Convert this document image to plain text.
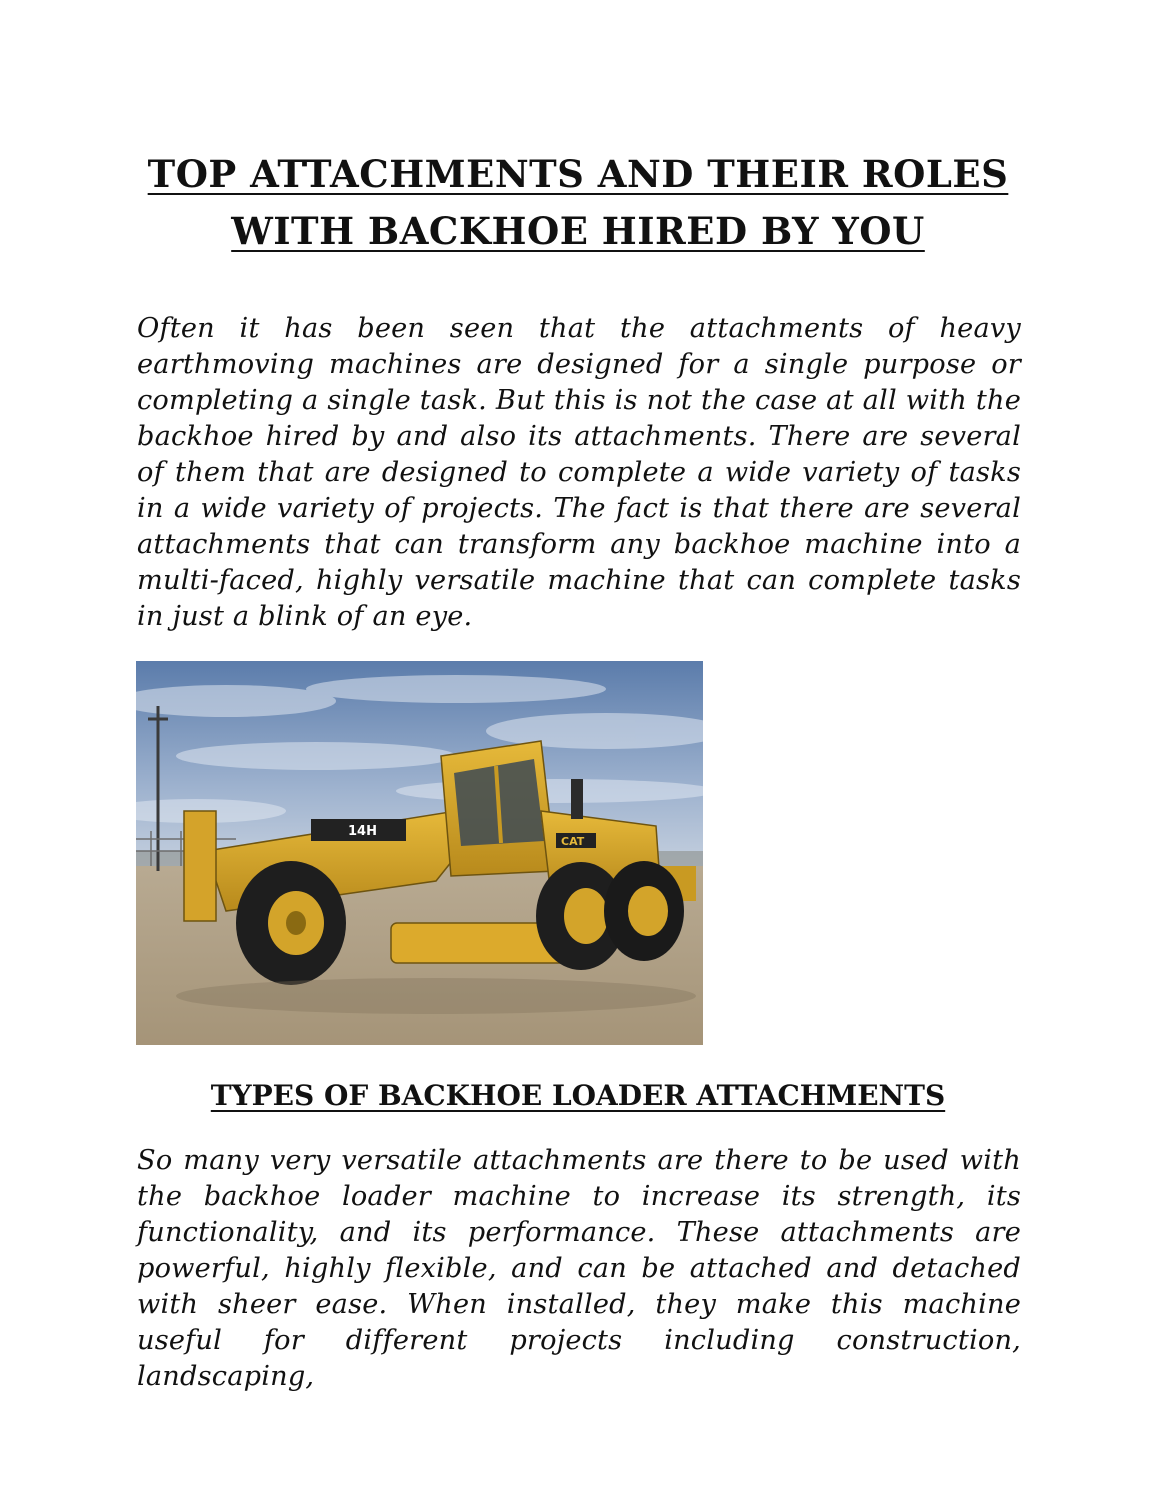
TOP ATTACHMENTS AND THEIR ROLES
WITH BACKHOE HIRED BY YOU

Often it has been seen that the attachments of heavy earthmoving machines are designed for a single purpose or completing a single task. But this is not the case at all with the backhoe hired by and also its attachments. There are several of them that are designed to complete a wide variety of tasks in a wide variety of projects. The fact is that there are several attachments that can transform any backhoe machine into a multi-faced, highly versatile machine that can complete tasks in just a blink of an eye.

14H
CAT
TYPES OF BACKHOE LOADER ATTACHMENTS

So many very versatile attachments are there to be used with the backhoe loader machine to increase its strength, its functionality, and its performance. These attachments are powerful, highly flexible, and can be attached and detached with sheer ease. When installed, they make this machine useful for different projects including construction, landscaping,
